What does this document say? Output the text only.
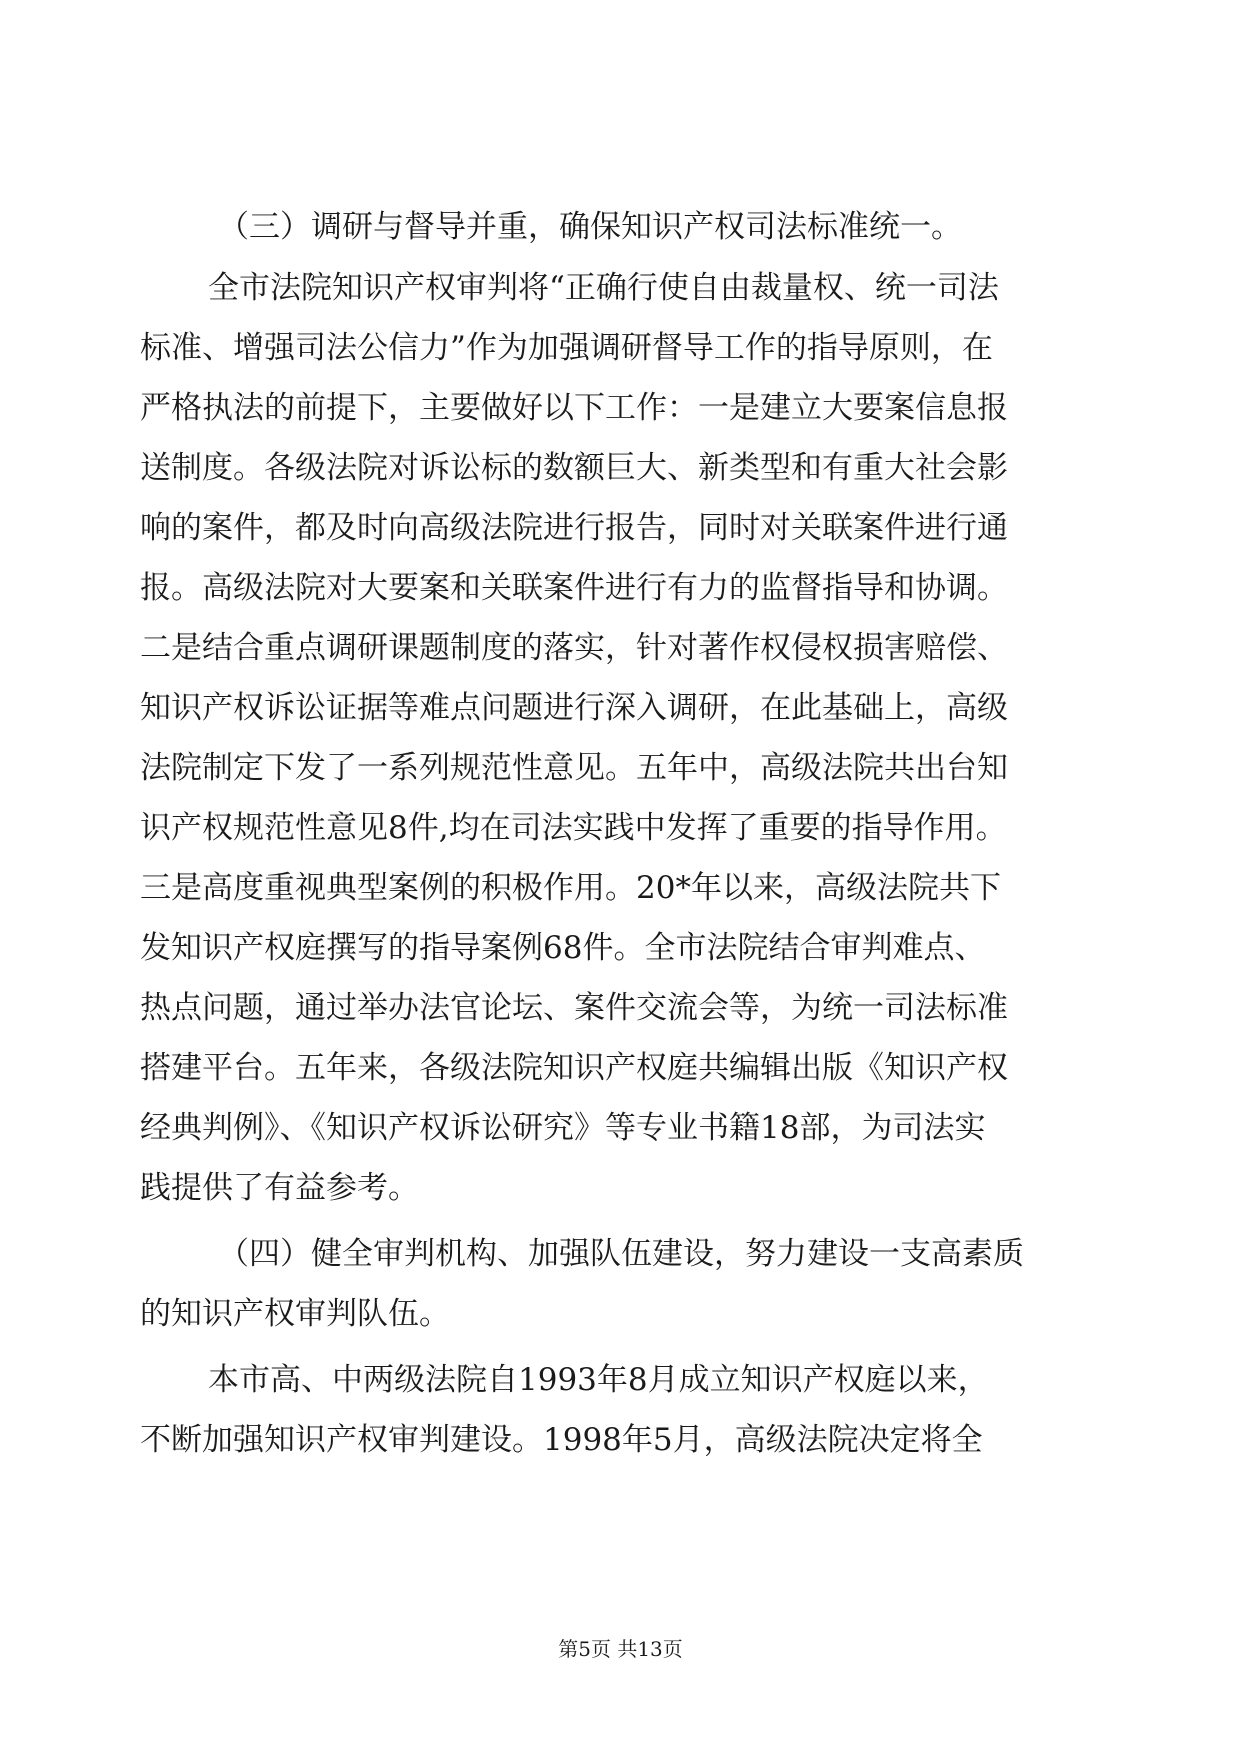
（三）调研与督导并重，确保知识产权司法标准统一。
全市法院知识产权审判将“正确行使自由裁量权、统一司法
标准、增强司法公信力”作为加强调研督导工作的指导原则，在
严格执法的前提下，主要做好以下工作：一是建立大要案信息报
送制度。各级法院对诉讼标的数额巨大、新类型和有重大社会影
响的案件，都及时向高级法院进行报告，同时对关联案件进行通
报。高级法院对大要案和关联案件进行有力的监督指导和协调。
二是结合重点调研课题制度的落实，针对著作权侵权损害赔偿、
知识产权诉讼证据等难点问题进行深入调研，在此基础上，高级
法院制定下发了一系列规范性意见。五年中，高级法院共出台知
识产权规范性意见8件,均在司法实践中发挥了重要的指导作用。
三是高度重视典型案例的积极作用。20*年以来，高级法院共下
发知识产权庭撰写的指导案例68件。全市法院结合审判难点、
热点问题，通过举办法官论坛、案件交流会等，为统一司法标准
搭建平台。五年来，各级法院知识产权庭共编辑出版《知识产权
经典判例》、《知识产权诉讼研究》等专业书籍18部，为司法实
践提供了有益参考。
（四）健全审判机构、加强队伍建设，努力建设一支高素质
的知识产权审判队伍。
本市高、中两级法院自1993年8月成立知识产权庭以来，
不断加强知识产权审判建设。1998年5月，高级法院决定将全
第5页 共13页
